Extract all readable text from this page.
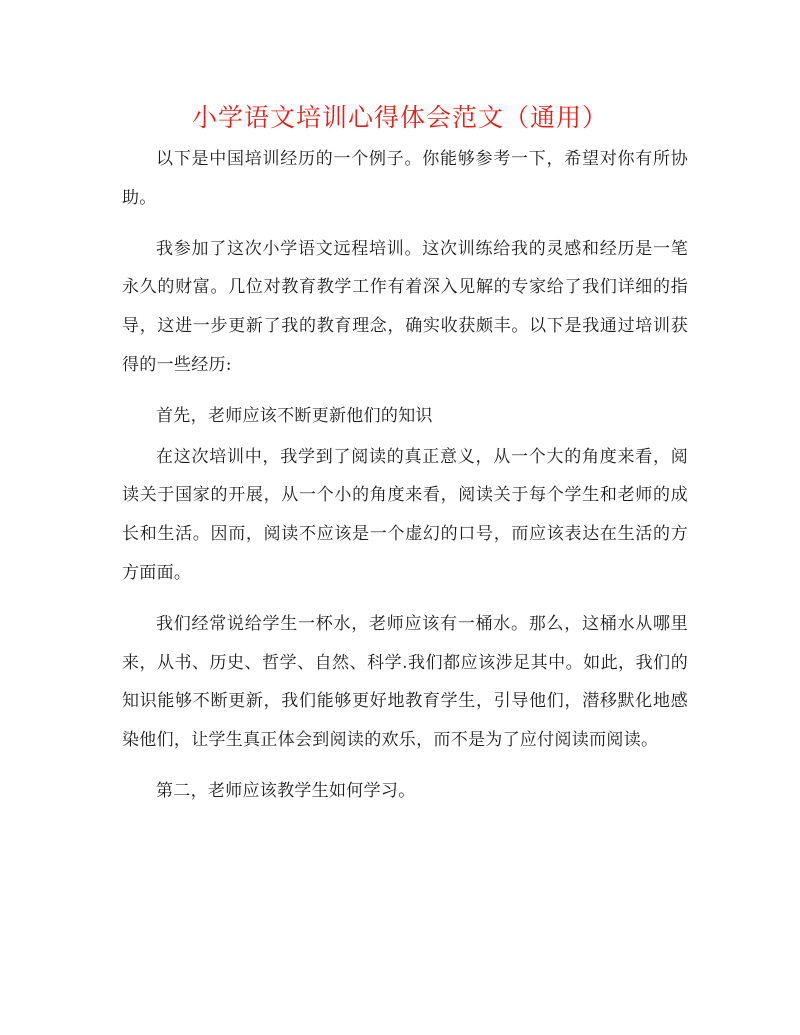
小学语文培训心得体会范文（通用）

以下是中国培训经历的一个例子。你能够参考一下，希望对你有所协助。

我参加了这次小学语文远程培训。这次训练给我的灵感和经历是一笔永久的财富。几位对教育教学工作有着深入见解的专家给了我们详细的指导，这进一步更新了我的教育理念，确实收获颇丰。以下是我通过培训获得的一些经历:

首先，老师应该不断更新他们的知识

在这次培训中，我学到了阅读的真正意义，从一个大的角度来看，阅读关于国家的开展，从一个小的角度来看，阅读关于每个学生和老师的成长和生活。因而，阅读不应该是一个虚幻的口号，而应该表达在生活的方方面面。

我们经常说给学生一杯水，老师应该有一桶水。那么，这桶水从哪里来，从书、历史、哲学、自然、科学.我们都应该涉足其中。如此，我们的知识能够不断更新，我们能够更好地教育学生，引导他们，潜移默化地感染他们，让学生真正体会到阅读的欢乐，而不是为了应付阅读而阅读。

第二，老师应该教学生如何学习。
